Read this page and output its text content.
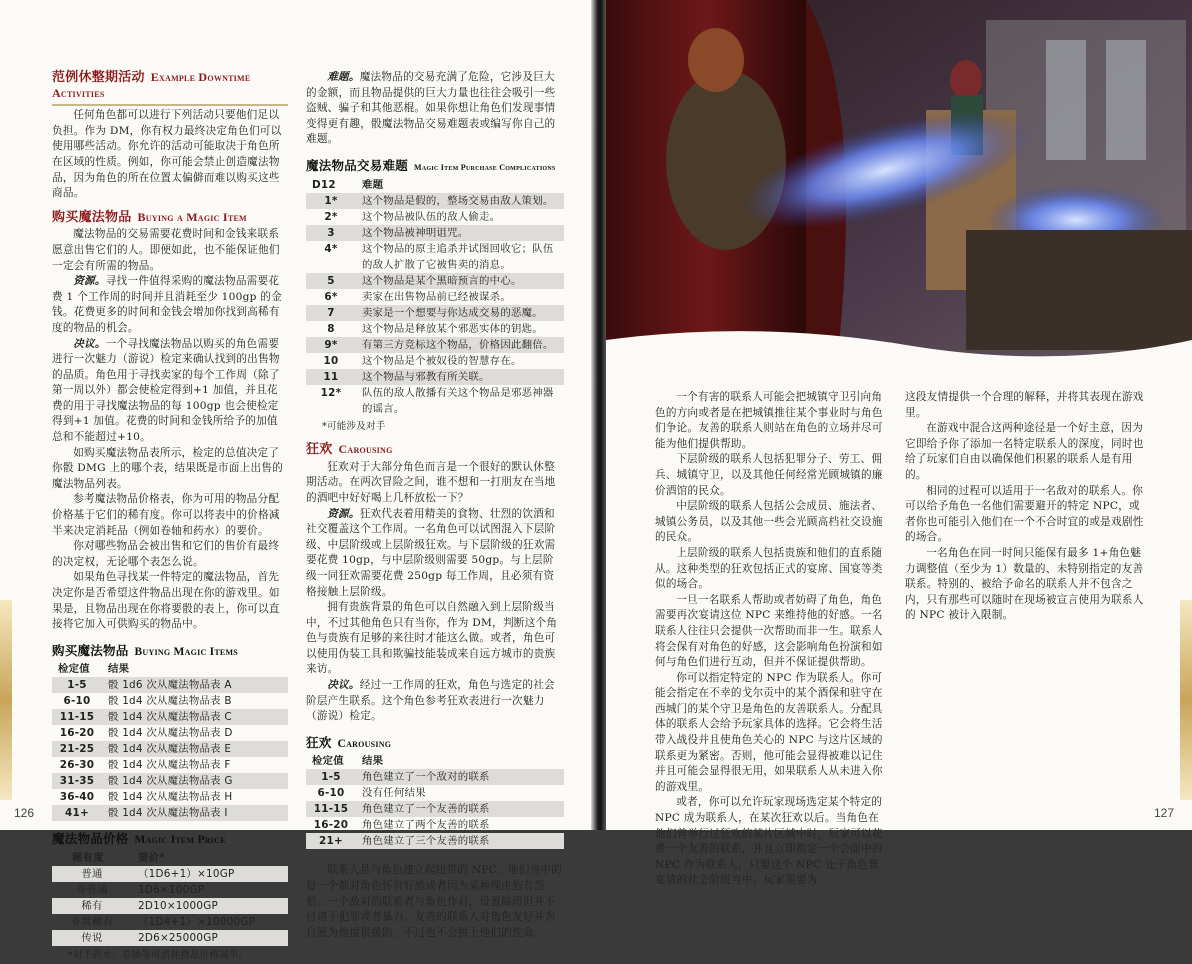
范例休整期活动 Example Downtime Activities

任何角色都可以进行下列活动只要他们足以负担。作为 DM，你有权力最终决定角色们可以使用哪些活动。你允许的活动可能取决于角色所在区域的性质。例如，你可能会禁止创造魔法物品，因为角色的所在位置太偏僻而难以购买这些商品。

购买魔法物品 Buying a Magic Item

魔法物品的交易需要花费时间和金钱来联系愿意出售它们的人。即便如此，也不能保证他们一定会有所需的物品。

资源。寻找一件值得采购的魔法物品需要花费 1 个工作周的时间并且消耗至少 100gp 的金钱。花费更多的时间和金钱会增加你找到高稀有度的物品的机会。

决议。一个寻找魔法物品以购买的角色需要进行一次魅力（游说）检定来确认找到的出售物的品质。角色用于寻找卖家的每个工作周（除了第一周以外）都会使检定得到+1 加值，并且花费的用于寻找魔法物品的每 100gp 也会使检定得到+1 加值。花费的时间和金钱所给予的加值总和不能超过+10。

如购买魔法物品表所示，检定的总值决定了你骰 DMG 上的哪个表，结果既是市面上出售的魔法物品列表。

参考魔法物品价格表，你为可用的物品分配价格基于它们的稀有度。你可以将表中的价格减半来决定消耗品（例如卷轴和药水）的要价。

你对哪些物品会被出售和它们的售价有最终的决定权，无论哪个表怎么说。

如果角色寻找某一件特定的魔法物品，首先决定你是否希望这件物品出现在你的游戏里。如果是，且物品出现在你将要骰的表上，你可以直接将它加入可供购买的物品中。

购买魔法物品 Buying Magic Items
检定值	结果
1-5	骰 1d6 次从魔法物品表 A
6-10	骰 1d4 次从魔法物品表 B
11-15	骰 1d4 次从魔法物品表 C
16-20	骰 1d4 次从魔法物品表 D
21-25	骰 1d4 次从魔法物品表 E
26-30	骰 1d4 次从魔法物品表 F
31-35	骰 1d4 次从魔法物品表 G
36-40	骰 1d4 次从魔法物品表 H
41+	骰 1d4 次从魔法物品表 I
魔法物品价格 Magic Item Price
稀有度	要价*
普通	（1D6+1）×10GP
非普通	1D6×100GP
稀有	2D10×1000GP
非常稀有	（1D4+1）×10000GP
传说	2D6×25000GP
*对于药水、卷轴等可消耗物品价格减半。

难题。魔法物品的交易充满了危险，它涉及巨大的金额，而且物品提供的巨大力量也往往会吸引一些盗贼、骗子和其他恶棍。如果你想让角色们发现事情变得更有趣，骰魔法物品交易难题表或编写你自己的难题。

魔法物品交易难题 Magic Item Purchase Complications
D12	难题
1*	这个物品是假的，整场交易由敌人策划。
2*	这个物品被队伍的敌人偷走。
3	这个物品被神明诅咒。
4*	这个物品的原主追杀并试图回收它；队伍的敌人扩散了它被售卖的消息。
5	这个物品是某个黑暗预言的中心。
6*	卖家在出售物品前已经被谋杀。
7	卖家是一个想要与你达成交易的恶魔。
8	这个物品是释放某个邪恶实体的钥匙。
9*	有第三方竞标这个物品，价格因此翻倍。
10	这个物品是个被奴役的智慧存在。
11	这个物品与邪教有所关联。
12*	队伍的敌人散播有关这个物品是邪恶神器的谣言。
*可能涉及对手
狂欢 Carousing

狂欢对于大部分角色而言是一个很好的默认休整期活动。在两次冒险之间，谁不想和一打朋友在当地的酒吧中好好喝上几杯放松一下？

资源。狂欢代表着用精美的食物、壮烈的饮酒和社交覆盖这个工作周。一名角色可以试图混入下层阶级、中层阶级或上层阶级狂欢。与下层阶级的狂欢需要花费 10gp，与中层阶级则需要 50gp。与上层阶级一同狂欢需要花费 250gp 每工作周，且必须有资格接触上层阶级。

拥有贵族背景的角色可以自然融入到上层阶级当中，不过其他角色只有当你，作为 DM，判断这个角色与贵族有足够的来往时才能这么做。或者，角色可以使用伪装工具和欺骗技能装成来自远方城市的贵族来访。

决议。经过一工作周的狂欢，角色与选定的社会阶层产生联系。这个角色参考狂欢表进行一次魅力（游说）检定。

狂欢 Carousing
检定值	结果
1-5	角色建立了一个敌对的联系
6-10	没有任何结果
11-15	角色建立了一个友善的联系
16-20	角色建立了两个友善的联系
21+	角色建立了三个友善的联系

联系人是与角色建立起纽带的 NPC。他们当中的每一个都对角色怀有好感或者因为某种理由抱有怨恨。一个敌对的联系者与角色作对，设置障碍但并不付诸于犯罪或者暴力。友善的联系人对角色友好并为自愿为他提供援助，不过也不会拼上他们的性命。

126

一个有害的联系人可能会把城镇守卫引向角色的方向或者是在把城镇推往某个事业时与角色们争论。友善的联系人则站在角色的立场并尽可能为他们提供帮助。

下层阶级的联系人包括犯罪分子、劳工、佣兵、城镇守卫，以及其他任何经常光顾城镇的廉价酒馆的民众。

中层阶级的联系人包括公会成员、施法者、城镇公务员，以及其他一些会光顾高档社交设施的民众。

上层阶级的联系人包括贵族和他们的直系随从。这种类型的狂欢包括正式的宴席、国宴等类似的场合。

一旦一名联系人帮助或者妨碍了角色，角色需要再次宴请这位 NPC 来维持他的好感。一名联系人往往只会提供一次帮助而非一生。联系人将会保有对角色的好感，这会影响角色扮演和如何与角色们进行互动，但并不保证提供帮助。

你可以指定特定的 NPC 作为联系人。你可能会指定在不幸的戈尔贡中的某个酒保和驻守在西城门的某个守卫是角色的友善联系人。分配具体的联系人会给予玩家具体的选择。它会将生活带入战役并且使角色关心的 NPC 与这片区域的联系更为紧密。否则，他可能会显得被难以记住并且可能会显得很无用，如果联系人从未进入你的游戏里。

或者，你可以允许玩家现场选定某个特定的 NPC 成为联系人，在某次狂欢以后。当角色在他们曾举行过狂欢的某片区域中时，玩家可以花费一个友善的联系，并且立即指定一个会面中的 NPC 作为联系人，只要这个 NPC 处于角色曾宴请的社会阶级当中。玩家需要为

这段友情提供一个合理的解释，并将其表现在游戏里。

在游戏中混合这两种途径是一个好主意，因为它即给予你了添加一名特定联系人的深度，同时也给了玩家们自由以确保他们积累的联系人是有用的。

相同的过程可以适用于一名敌对的联系人。你可以给予角色一名他们需要避开的特定 NPC，或者你也可能引入他们在一个不合时宜的或是戏剧性的场合。

一名角色在同一时间只能保有最多 1+角色魅力调整值（至少为 1）数量的、未特别指定的友善联系。特别的、被给予命名的联系人并不包含之内，只有那些可以随时在现场被宣言使用为联系人的 NPC 被计入限制。

127
